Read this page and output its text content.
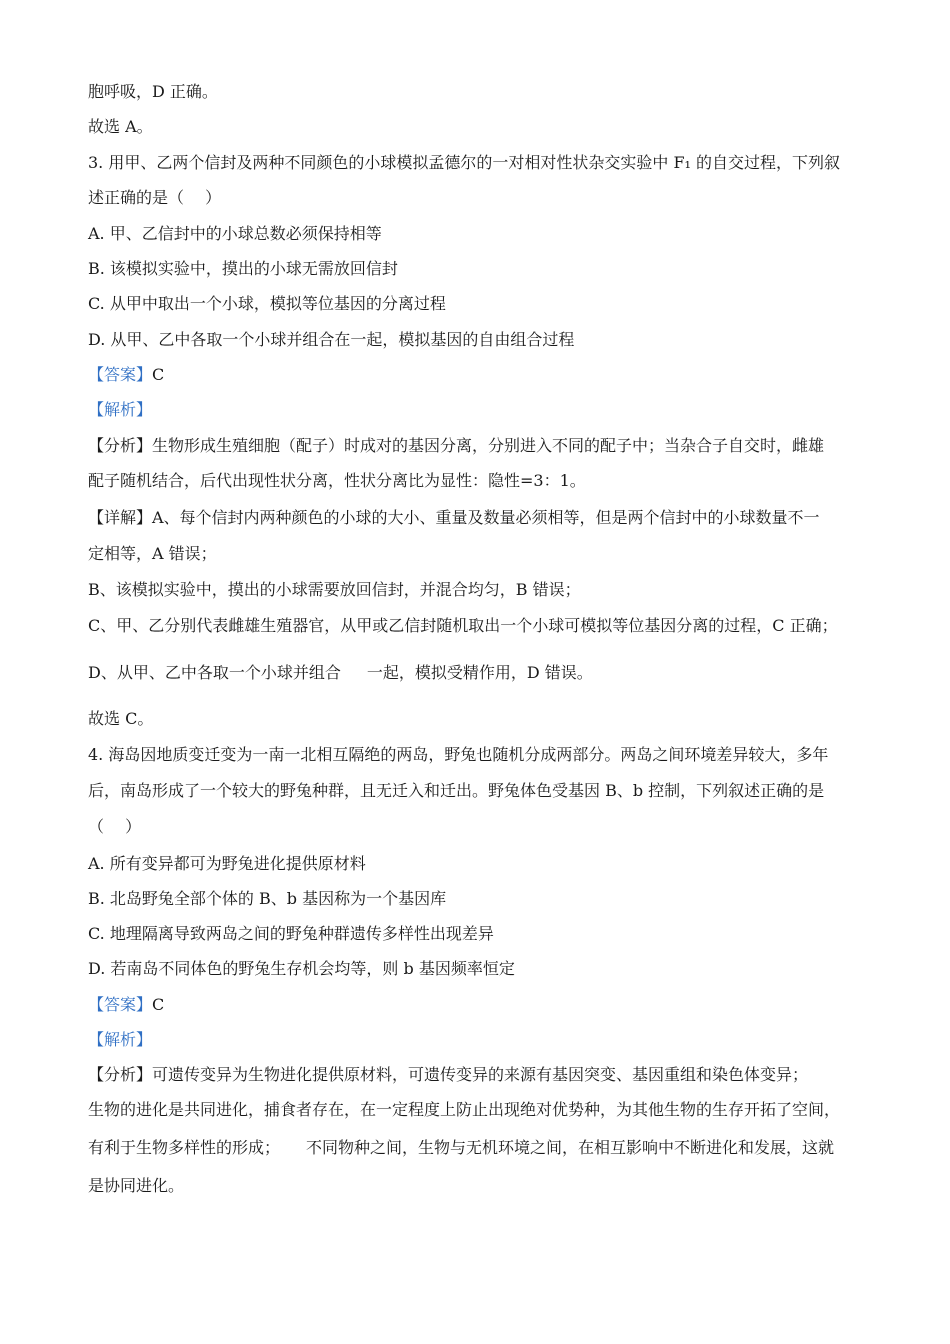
胞呼吸，D 正确。
故选 A。
3. 用甲、乙两个信封及两种不同颜色的小球模拟孟德尔的一对相对性状杂交实验中 F₁ 的自交过程，下列叙
述正确的是（　 ）
A. 甲、乙信封中的小球总数必须保持相等
B. 该模拟实验中，摸出的小球无需放回信封
C. 从甲中取出一个小球，模拟等位基因的分离过程
D. 从甲、乙中各取一个小球并组合在一起，模拟基因的自由组合过程
【答案】C
【解析】
【分析】生物形成生殖细胞（配子）时成对的基因分离，分别进入不同的配子中；当杂合子自交时，雌雄
配子随机结合，后代出现性状分离，性状分离比为显性：隐性=3：1。
【详解】A、每个信封内两种颜色的小球的大小、重量及数量必须相等，但是两个信封中的小球数量不一
定相等，A 错误；
B、该模拟实验中，摸出的小球需要放回信封，并混合均匀，B 错误；
C、甲、乙分别代表雌雄生殖器官，从甲或乙信封随机取出一个小球可模拟等位基因分离的过程，C 正确；
D、从甲、乙中各取一个小球并组合 一起，模拟受精作用，D 错误。
故选 C。
4. 海岛因地质变迁变为一南一北相互隔绝的两岛，野兔也随机分成两部分。两岛之间环境差异较大，多年
后，南岛形成了一个较大的野兔种群，且无迁入和迁出。野兔体色受基因 B、b 控制，下列叙述正确的是
（　 ）
A. 所有变异都可为野兔进化提供原材料
B. 北岛野兔全部个体的 B、b 基因称为一个基因库
C. 地理隔离导致两岛之间的野兔种群遗传多样性出现差异
D. 若南岛不同体色的野兔生存机会均等，则 b 基因频率恒定
【答案】C
【解析】
【分析】可遗传变异为生物进化提供原材料，可遗传变异的来源有基因突变、基因重组和染色体变异；
生物的进化是共同进化，捕食者存在，在一定程度上防止出现绝对优势种，为其他生物的生存开拓了空间，
有利于生物多样性的形成； 不同物种之间，生物与无机环境之间，在相互影响中不断进化和发展，这就
是协同进化。
